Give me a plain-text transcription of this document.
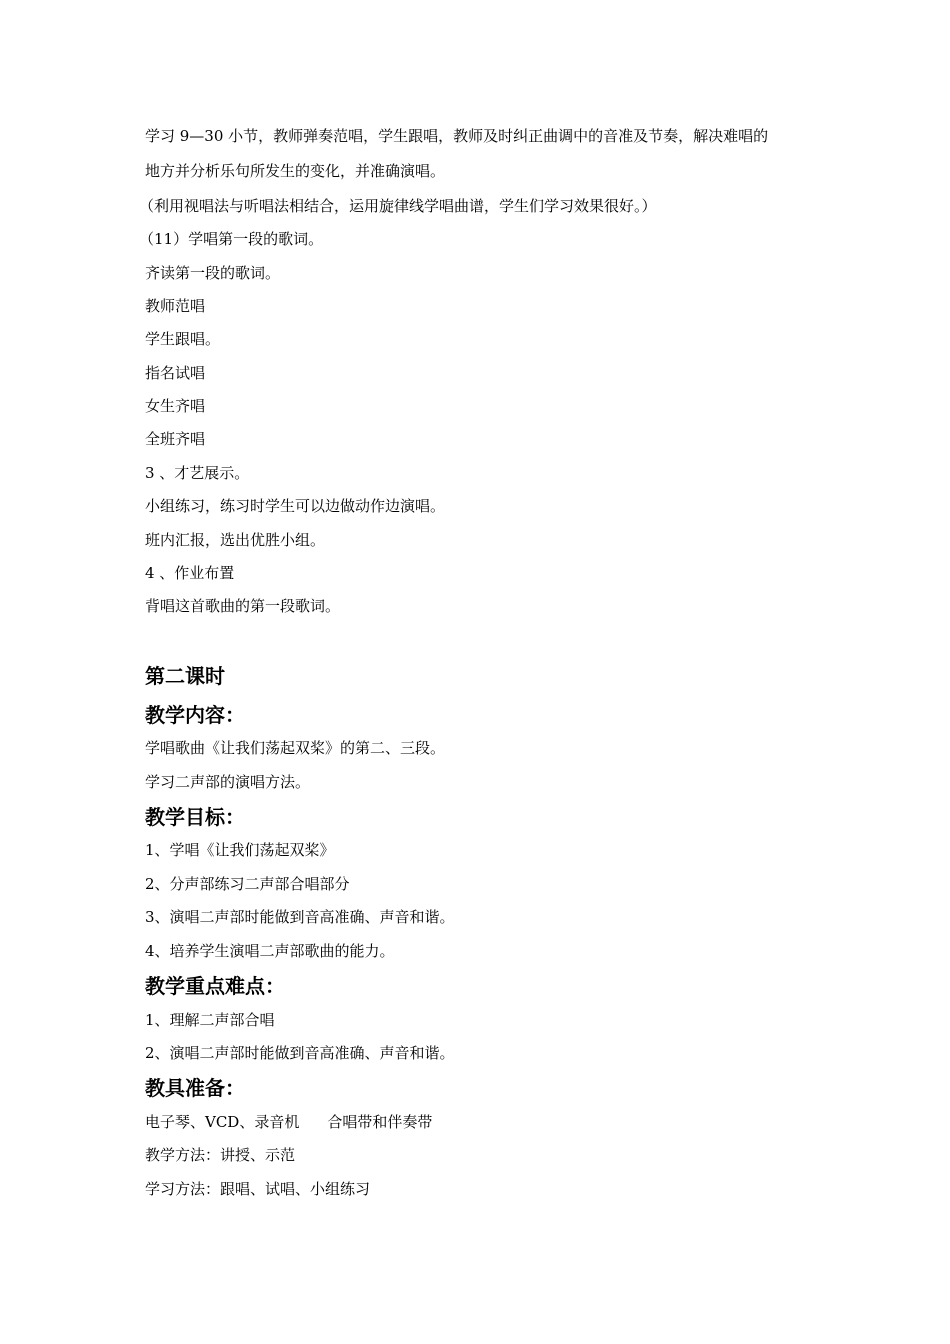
学习 9—30 小节，教师弹奏范唱，学生跟唱，教师及时纠正曲调中的音准及节奏，解决难唱的
地方并分析乐句所发生的变化，并准确演唱。
（利用视唱法与听唱法相结合，运用旋律线学唱曲谱，学生们学习效果很好。）
（11）学唱第一段的歌词。
齐读第一段的歌词。
教师范唱
学生跟唱。
指名试唱
女生齐唱
全班齐唱
3 、才艺展示。
小组练习，练习时学生可以边做动作边演唱。
班内汇报，选出优胜小组。
4 、作业布置
背唱这首歌曲的第一段歌词。
第二课时
教学内容：
学唱歌曲《让我们荡起双桨》的第二、三段。
学习二声部的演唱方法。
教学目标：
1、学唱《让我们荡起双桨》
2、分声部练习二声部合唱部分
3、演唱二声部时能做到音高准确、声音和谐。
4、培养学生演唱二声部歌曲的能力。
教学重点难点：
1、理解二声部合唱
2、演唱二声部时能做到音高准确、声音和谐。
教具准备：
电子琴、VCD、录音机 合唱带和伴奏带
教学方法：讲授、示范
学习方法：跟唱、试唱、小组练习
